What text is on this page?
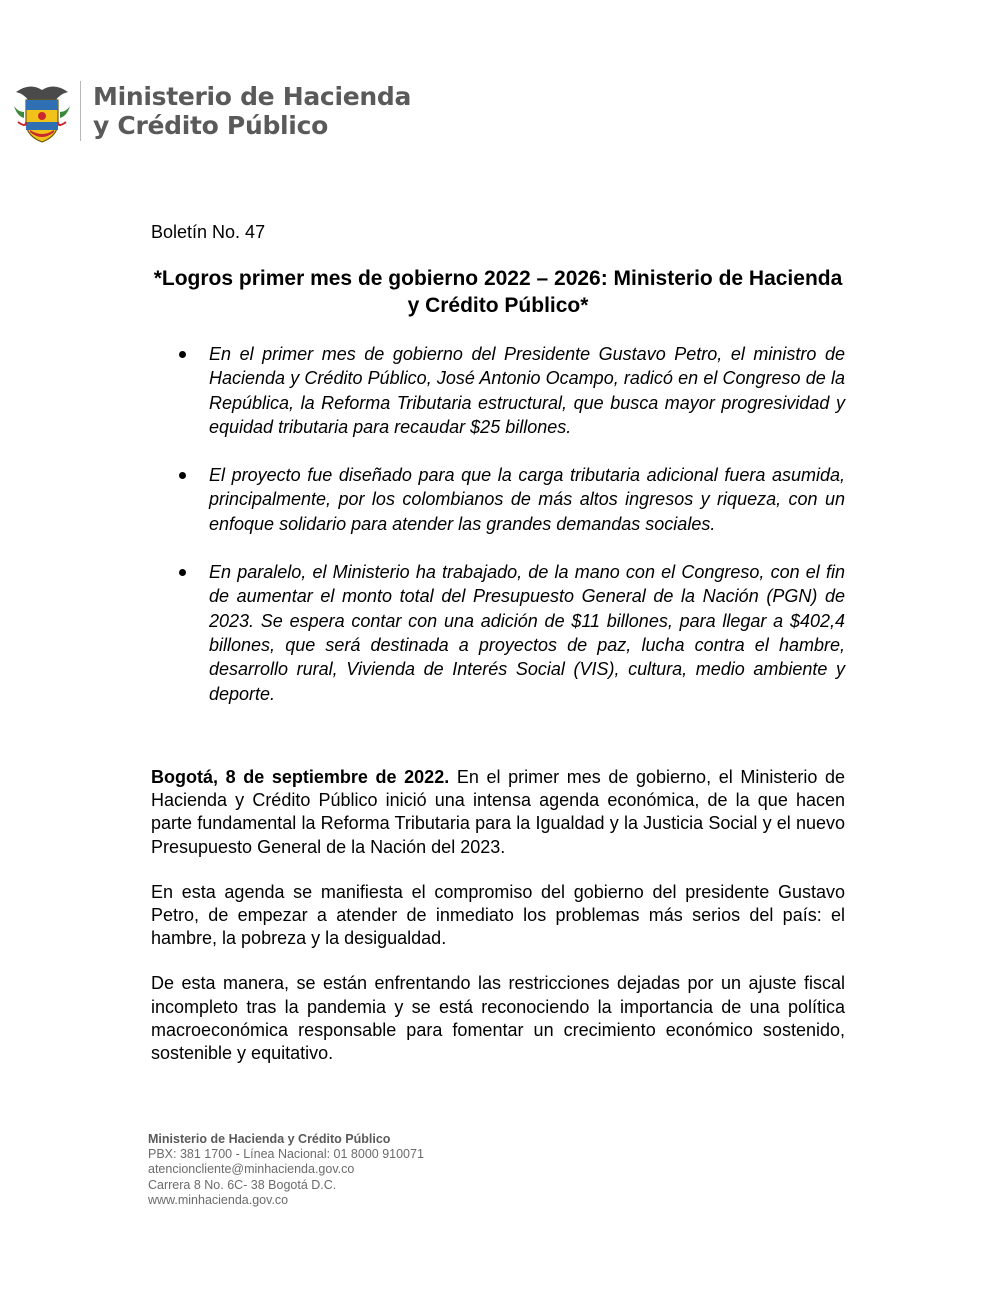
Ministerio de Hacienda
y Crédito Público
Boletín No. 47
*Logros primer mes de gobierno 2022 – 2026: Ministerio de Hacienda y Crédito Público*
En el primer mes de gobierno del Presidente Gustavo Petro, el ministro de Hacienda y Crédito Público, José Antonio Ocampo, radicó en el Congreso de la República, la Reforma Tributaria estructural, que busca mayor progresividad y equidad tributaria para recaudar $25 billones.
El proyecto fue diseñado para que la carga tributaria adicional fuera asumida, principalmente, por los colombianos de más altos ingresos y riqueza, con un enfoque solidario para atender las grandes demandas sociales.
En paralelo, el Ministerio ha trabajado, de la mano con el Congreso, con el fin de aumentar el monto total del Presupuesto General de la Nación (PGN) de 2023. Se espera contar con una adición de $11 billones, para llegar a $402,4 billones, que será destinada a proyectos de paz, lucha contra el hambre, desarrollo rural, Vivienda de Interés Social (VIS), cultura, medio ambiente y deporte.

Bogotá, 8 de septiembre de 2022. En el primer mes de gobierno, el Ministerio de Hacienda y Crédito Público inició una intensa agenda económica, de la que hacen parte fundamental la Reforma Tributaria para la Igualdad y la Justicia Social y el nuevo Presupuesto General de la Nación del 2023.

En esta agenda se manifiesta el compromiso del gobierno del presidente Gustavo Petro, de empezar a atender de inmediato los problemas más serios del país: el hambre, la pobreza y la desigualdad.

De esta manera, se están enfrentando las restricciones dejadas por un ajuste fiscal incompleto tras la pandemia y se está reconociendo la importancia de una política macroeconómica responsable para fomentar un crecimiento económico sostenido, sostenible y equitativo.

Ministerio de Hacienda y Crédito Público
PBX: 381 1700 - Línea Nacional: 01 8000 910071
atencioncliente@minhacienda.gov.co
Carrera 8 No. 6C- 38 Bogotá D.C.
www.minhacienda.gov.co
